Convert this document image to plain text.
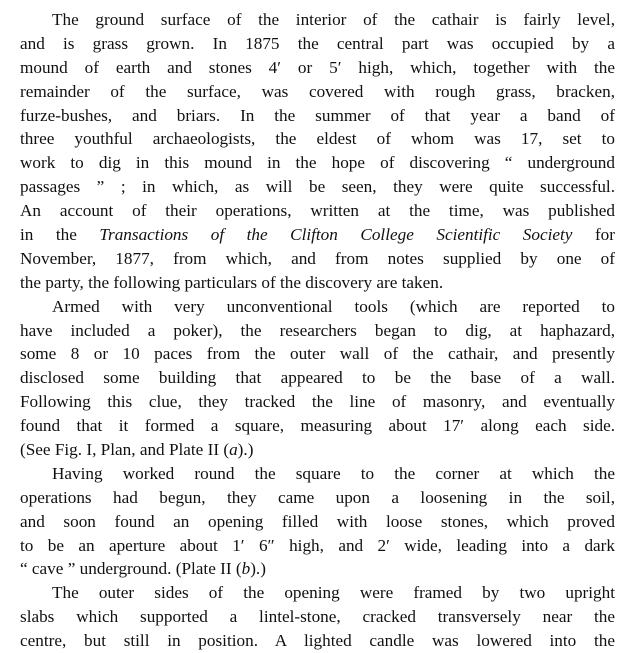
The ground surface of the interior of the cathair is fairly level,
and is grass grown. In 1875 the central part was occupied by a
mound of earth and stones 4′ or 5′ high, which, together with the
remainder of the surface, was covered with rough grass, bracken,
furze-bushes, and briars. In the summer of that year a band of
three youthful archaeologists, the eldest of whom was 17, set to
work to dig in this mound in the hope of discovering “ underground
passages ” ; in which, as will be seen, they were quite successful.
An account of their operations, written at the time, was published
in the Transactions of the Clifton College Scientific Society for
November, 1877, from which, and from notes supplied by one of
the party, the following particulars of the discovery are taken.
Armed with very unconventional tools (which are reported to
have included a poker), the researchers began to dig, at haphazard,
some 8 or 10 paces from the outer wall of the cathair, and presently
disclosed some building that appeared to be the base of a wall.
Following this clue, they tracked the line of masonry, and eventually
found that it formed a square, measuring about 17′ along each side.
(See Fig. I, Plan, and Plate II (a).)
Having worked round the square to the corner at which the
operations had begun, they came upon a loosening in the soil,
and soon found an opening filled with loose stones, which proved
to be an aperture about 1′ 6″ high, and 2′ wide, leading into a dark
“ cave ” underground. (Plate II (b).)
The outer sides of the opening were framed by two upright
slabs which supported a lintel-stone, cracked transversely near the
centre, but still in position. A lighted candle was lowered into the
